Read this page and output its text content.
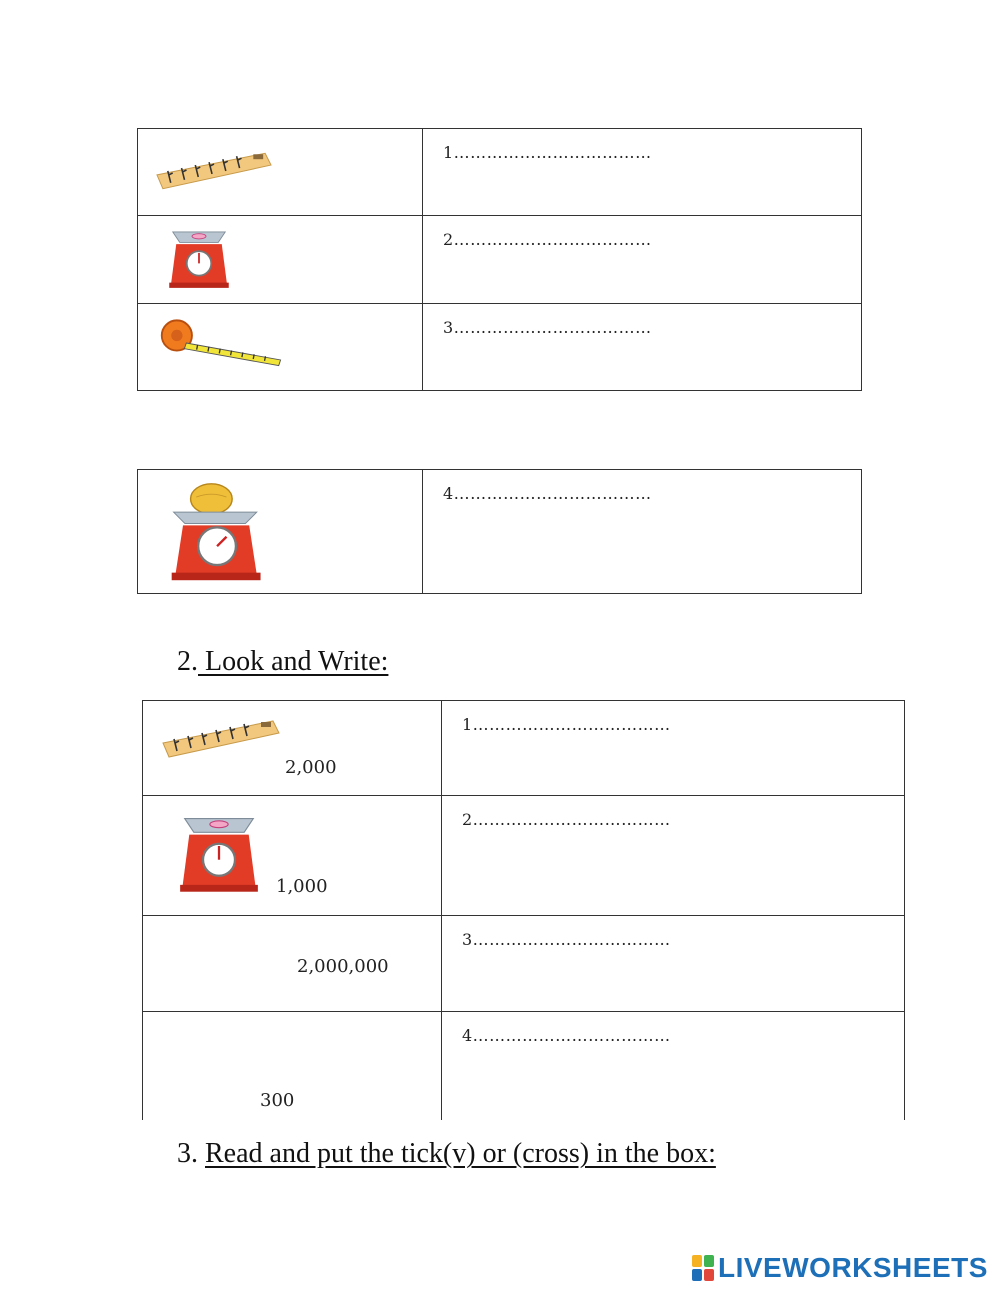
1………………………………

2………………………………

3………………………………

4………………………………
2. Look and Write:
2,000	1………………………………

1,000	2………………………………

2,000,000	3………………………………

300	4………………………………
3. Read and put the tick(v) or (cross) in the box:
LIVEWORKSHEETS
